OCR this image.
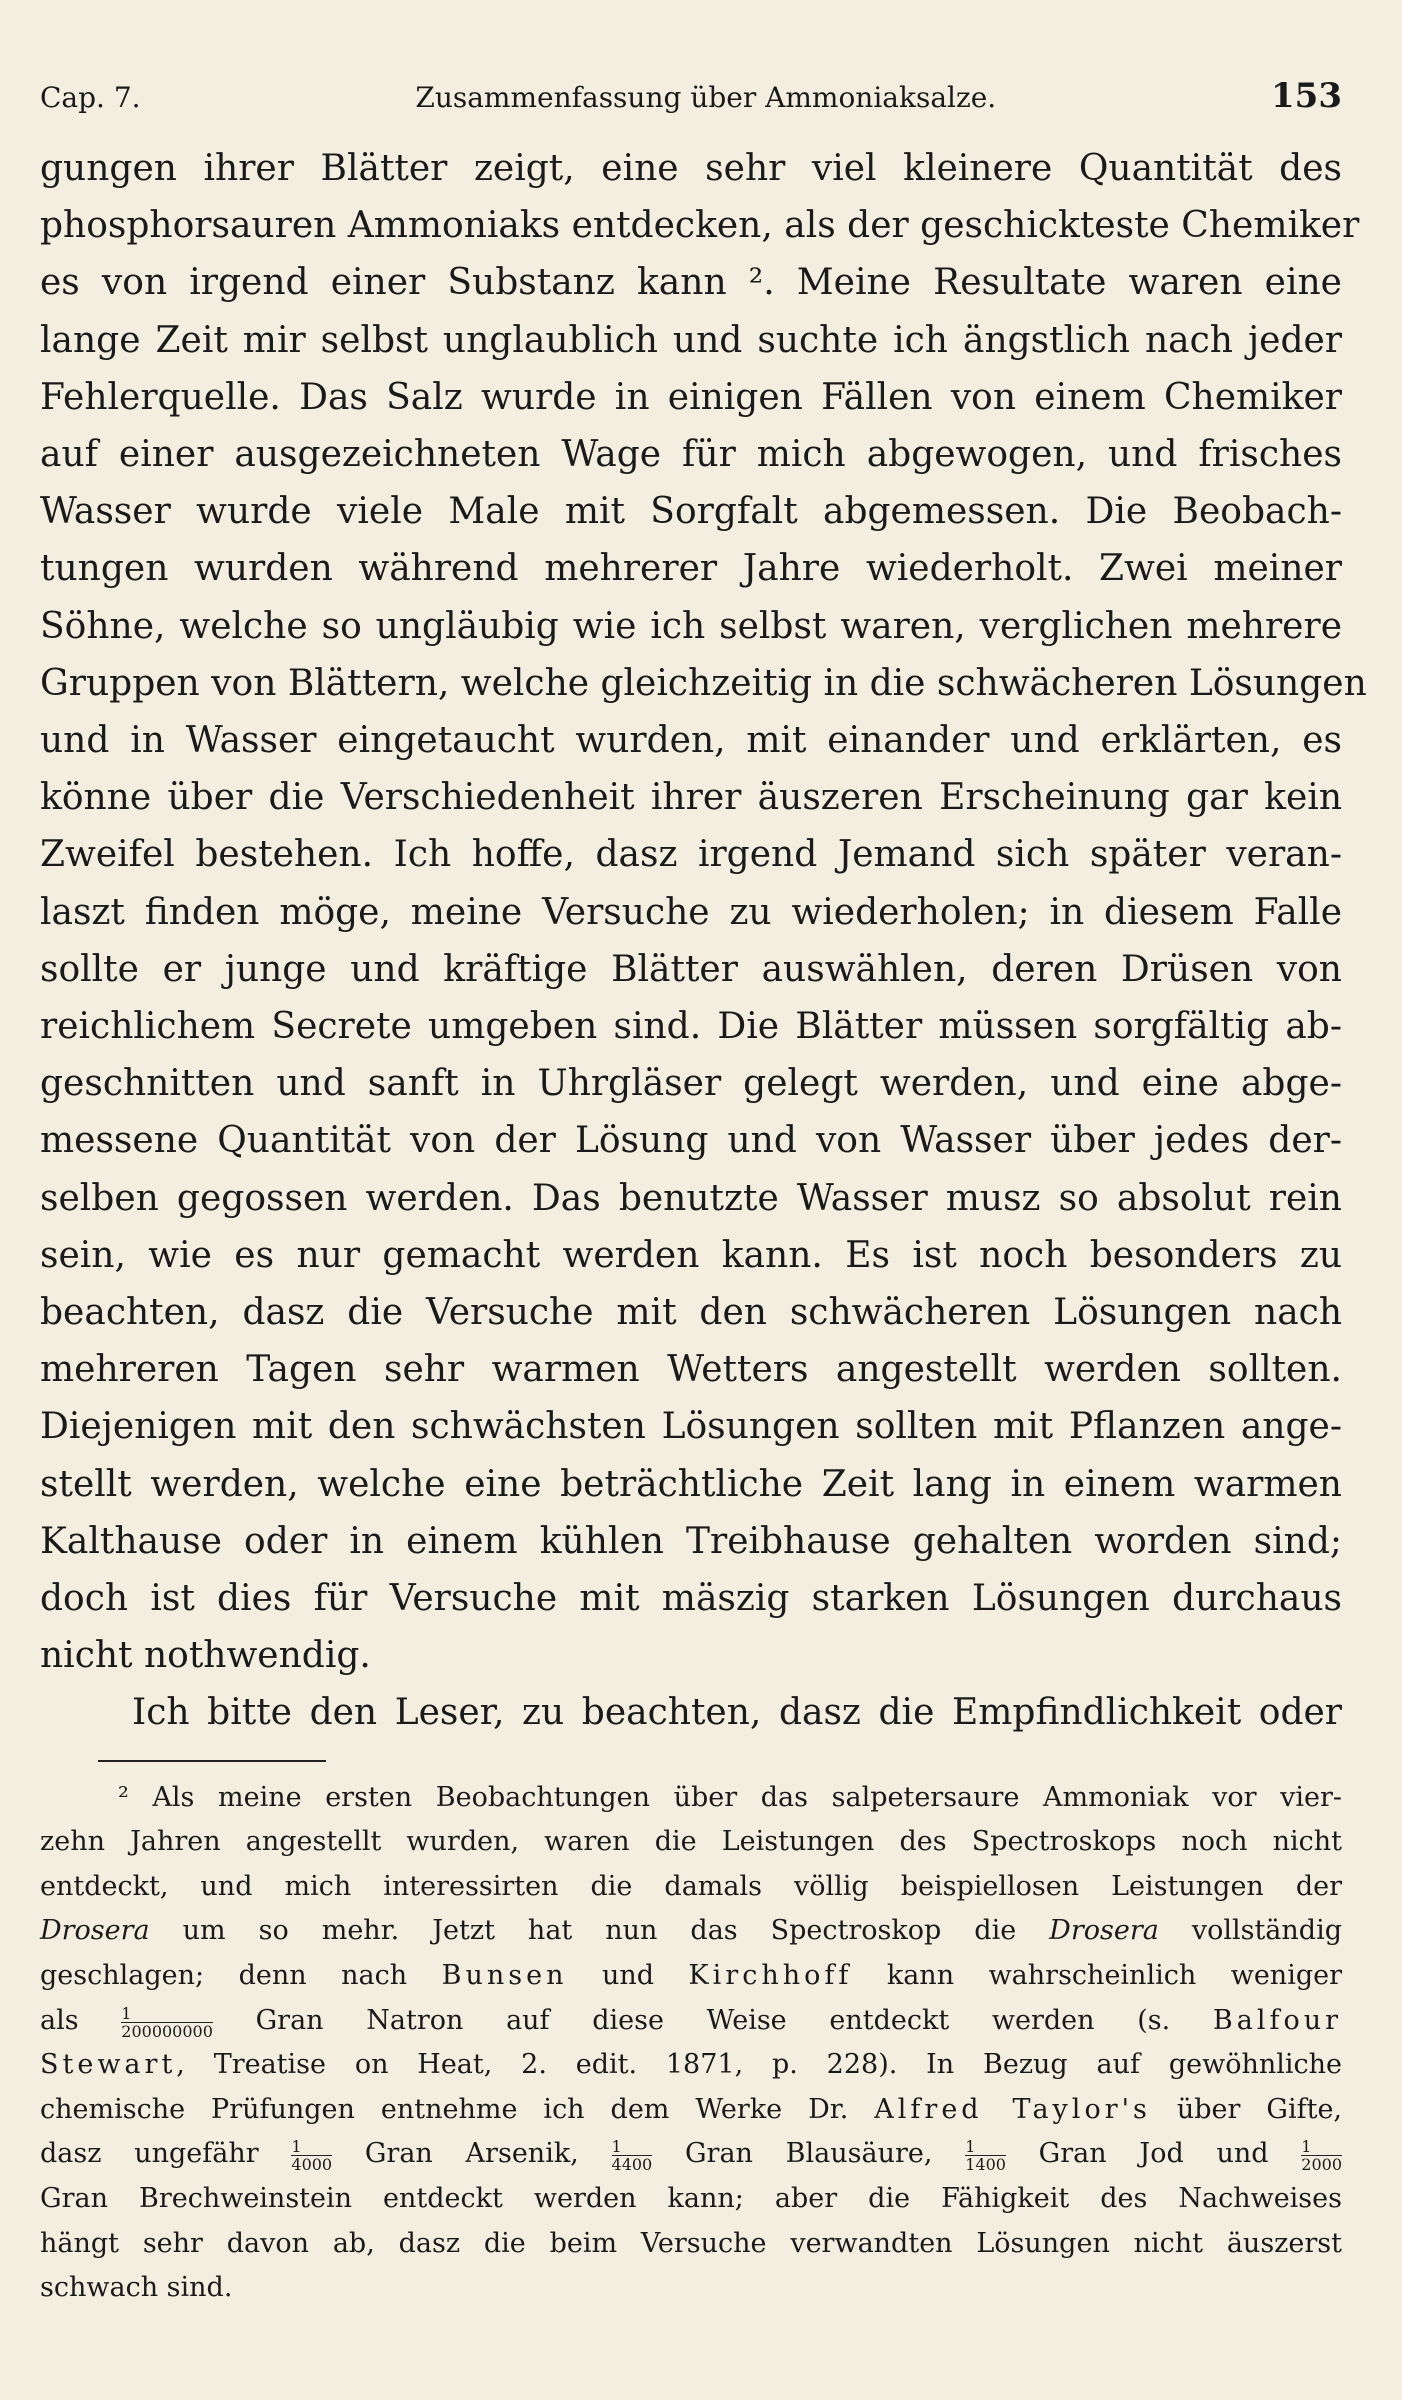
Cap. 7.	Zusammenfassung über Ammoniaksalze.	153
gungen ihrer Blätter zeigt, eine sehr viel kleinere Quantität des
phosphorsauren Ammoniaks entdecken, als der geschickteste Chemiker
es von irgend einer Substanz kann ². Meine Resultate waren eine
lange Zeit mir selbst unglaublich und suchte ich ängstlich nach jeder
Fehlerquelle. Das Salz wurde in einigen Fällen von einem Chemiker
auf einer ausgezeichneten Wage für mich abgewogen, und frisches
Wasser wurde viele Male mit Sorgfalt abgemessen. Die Beobach-
tungen wurden während mehrerer Jahre wiederholt. Zwei meiner
Söhne, welche so ungläubig wie ich selbst waren, verglichen mehrere
Gruppen von Blättern, welche gleichzeitig in die schwächeren Lösungen
und in Wasser eingetaucht wurden, mit einander und erklärten, es
könne über die Verschiedenheit ihrer äuszeren Erscheinung gar kein
Zweifel bestehen. Ich hoffe, dasz irgend Jemand sich später veran-
laszt finden möge, meine Versuche zu wiederholen; in diesem Falle
sollte er junge und kräftige Blätter auswählen, deren Drüsen von
reichlichem Secrete umgeben sind. Die Blätter müssen sorgfältig ab-
geschnitten und sanft in Uhrgläser gelegt werden, und eine abge-
messene Quantität von der Lösung und von Wasser über jedes der-
selben gegossen werden. Das benutzte Wasser musz so absolut rein
sein, wie es nur gemacht werden kann. Es ist noch besonders zu
beachten, dasz die Versuche mit den schwächeren Lösungen nach
mehreren Tagen sehr warmen Wetters angestellt werden sollten.
Diejenigen mit den schwächsten Lösungen sollten mit Pflanzen ange-
stellt werden, welche eine beträchtliche Zeit lang in einem warmen
Kalthause oder in einem kühlen Treibhause gehalten worden sind;
doch ist dies für Versuche mit mäszig starken Lösungen durchaus
nicht nothwendig.
Ich bitte den Leser, zu beachten, dasz die Empfindlichkeit oder
² Als meine ersten Beobachtungen über das salpetersaure Ammoniak vor vier-
zehn Jahren angestellt wurden, waren die Leistungen des Spectroskops noch nicht
entdeckt, und mich interessirten die damals völlig beispiellosen Leistungen der
Drosera um so mehr. Jetzt hat nun das Spectroskop die Drosera vollständig
geschlagen; denn nach Bunsen und Kirchhoff kann wahrscheinlich weniger
als $\frac{1}{200000000}$ Gran Natron auf diese Weise entdeckt werden (s. Balfour
Stewart, Treatise on Heat, 2. edit. 1871, p. 228). In Bezug auf gewöhnliche
chemische Prüfungen entnehme ich dem Werke Dr. Alfred Taylor's über Gifte,
dasz ungefähr $\frac{1}{4000}$ Gran Arsenik, $\frac{1}{4400}$ Gran Blausäure, $\frac{1}{1400}$ Gran Jod und $\frac{1}{2000}$
Gran Brechweinstein entdeckt werden kann; aber die Fähigkeit des Nachweises
hängt sehr davon ab, dasz die beim Versuche verwandten Lösungen nicht äuszerst
schwach sind.
